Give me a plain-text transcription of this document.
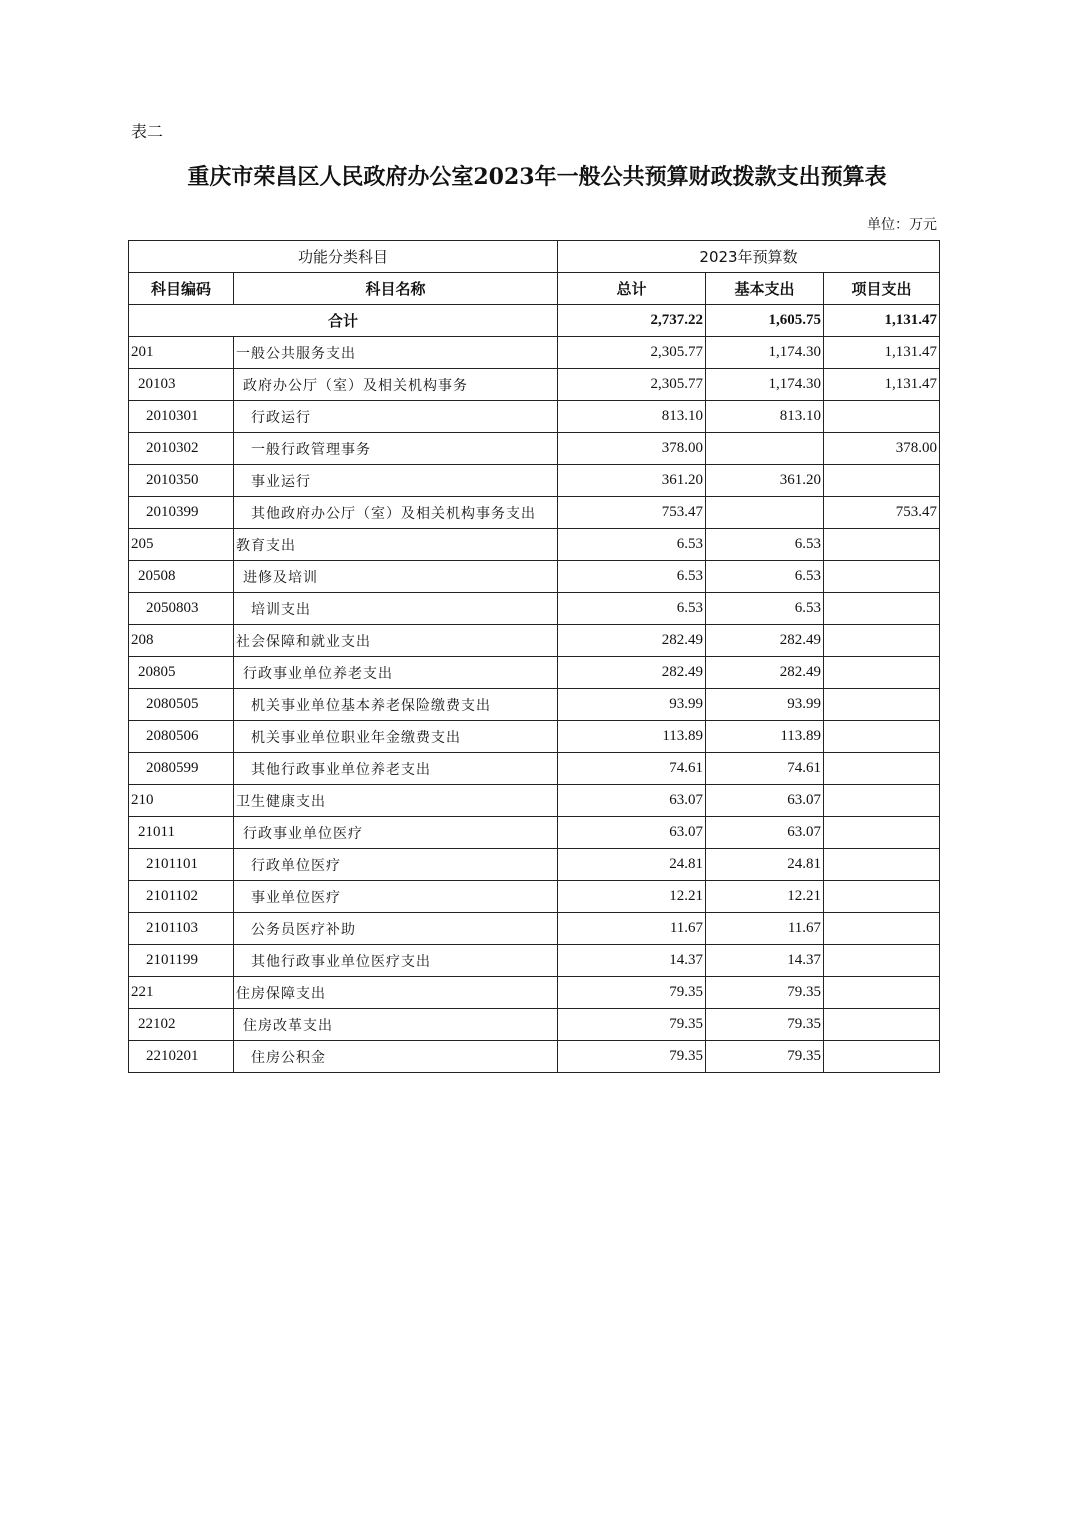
表二
重庆市荣昌区人民政府办公室2023年一般公共预算财政拨款支出预算表
单位：万元
功能分类科目		2023年预算数		
科目编码	科目名称	总计	基本支出	项目支出
合计		2,737.22	1,605.75	1,131.47
201	一般公共服务支出	2,305.77	1,174.30	1,131.47
20103	政府办公厅（室）及相关机构事务	2,305.77	1,174.30	1,131.47
2010301	行政运行	813.10	813.10	
2010302	一般行政管理事务	378.00		378.00
2010350	事业运行	361.20	361.20	
2010399	其他政府办公厅（室）及相关机构事务支出	753.47		753.47
205	教育支出	6.53	6.53	
20508	进修及培训	6.53	6.53	
2050803	培训支出	6.53	6.53	
208	社会保障和就业支出	282.49	282.49	
20805	行政事业单位养老支出	282.49	282.49	
2080505	机关事业单位基本养老保险缴费支出	93.99	93.99	
2080506	机关事业单位职业年金缴费支出	113.89	113.89	
2080599	其他行政事业单位养老支出	74.61	74.61	
210	卫生健康支出	63.07	63.07	
21011	行政事业单位医疗	63.07	63.07	
2101101	行政单位医疗	24.81	24.81	
2101102	事业单位医疗	12.21	12.21	
2101103	公务员医疗补助	11.67	11.67	
2101199	其他行政事业单位医疗支出	14.37	14.37	
221	住房保障支出	79.35	79.35	
22102	住房改革支出	79.35	79.35	
2210201	住房公积金	79.35	79.35	
